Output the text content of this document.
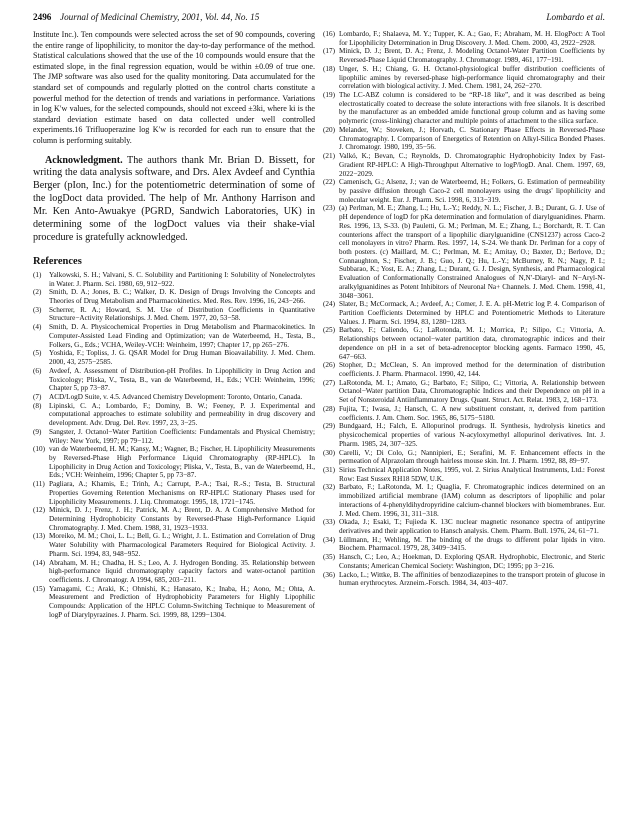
2496 Journal of Medicinal Chemistry, 2001, Vol. 44, No. 15	Lombardo et al.

Institute Inc.). Ten compounds were selected across the set of 90 compounds, covering the entire range of lipophilicity, to monitor the day-to-day performance of the method. Statistical calculations showed that the use of the 10 compounds would ensure that the estimated slope, in the final regression equation, would be within ±0.09 of true one. The JMP software was also used for the quality monitoring. Data accumulated for the standard set of compounds and regularly plotted on the control charts constitute a powerful method for the detection of trends and variations in performance. Variations in log K′w values, for the selected compounds, should not exceed ±3ki, where ki is the standard deviation estimate based on data collected under well controlled experiments.16 Trifluoperazine log K′w is recorded for each run to ensure that the column is performing suitably.

Acknowledgment. The authors thank Mr. Brian D. Bissett, for writing the data analysis software, and Drs. Alex Avdeef and Cynthia Berger (pIon, Inc.) for the potentiometric determination of some of the logDoct data provided. The help of Mr. Anthony Harrison and Mr. Ken Anto-Awuakye (PGRD, Sandwich Laboratories, UK) in determining some of the logDoct values via their shake-vial procedure is gratefully acknowledged.

References
(1) Yalkowski, S. H.; Valvani, S. C. Solubility and Partitioning I: Solubility of Nonelectrolytes in Water. J. Pharm. Sci. 1980, 69, 912−922.
(2) Smith, D. A.; Jones, B. C.; Walker, D. K. Design of Drugs Involving the Concepts and Theories of Drug Metabolism and Pharmacokinetics. Med. Res. Rev. 1996, 16, 243−266.
(3) Scherrer, R. A.; Howard, S. M. Use of Distribution Coefficients in Quantitative Structure−Activity Relationships. J. Med. Chem. 1977, 20, 53−58.
(4) Smith, D. A. Physicochemical Properties in Drug Metabolism and Pharmacokinetics. In Computer-Assisted Lead Finding and Optimization; van de Waterbeemd, H., Testa, B., Folkers, G., Eds.; VCHA, Weiley-VCH: Weinheim, 1997; Chapter 17, pp 265−276.
(5) Yoshida, F.; Topliss, J. G. QSAR Model for Drug Human Bioavailability. J. Med. Chem. 2000, 43, 2575−2585.
(6) Avdeef, A. Assessment of Distribution-pH Profiles. In Lipophilicity in Drug Action and Toxicology; Pliska, V., Testa, B., van de Waterbeemd, H., Eds.; VCH: Weinheim, 1996; Chapter 5, pp 73−87.
(7) ACD/LogD Suite, v. 4.5. Advanced Chemistry Development: Toronto, Ontario, Canada.
(8) Lipinski, C. A.; Lombardo, F.; Dominy, B. W.; Feeney, P. J. Experimental and computational approaches to estimate solubility and permeability in drug discovery and development. Adv. Drug. Del. Rev. 1997, 23, 3−25.
(9) Sangster, J. Octanol−Water Partition Coefficients: Fundamentals and Physical Chemistry; Wiley: New York, 1997; pp 79−112.
(10) van de Waterbeemd, H. M.; Kansy, M.; Wagner, B.; Fischer, H. Lipophilicity Measurements by Reversed-Phase High Performance Liquid Chromatography (RP-HPLC). In Lipophilicity in Drug Action and Toxicology; Pliska, V., Testa, B., van de Waterbeemd, H., Eds.; VCH: Weinheim, 1996; Chapter 5, pp 73−87.
(11) Pagliara, A.; Khamis, E.; Trinh, A.; Carrupt, P.-A.; Tsai, R.-S.; Testa, B. Structural Properties Governing Retention Mechanisms on RP-HPLC Stationary Phases used for Lipophilicity Measurements. J. Liq. Chromatogr. 1995, 18, 1721−1745.
(12) Minick, D. J.; Frenz, J. H.; Patrick, M. A.; Brent, D. A. A Comprehensive Method for Determining Hydrophobicity Constants by Reversed-Phase High-Performance Liquid Chromatography. J. Med. Chem. 1988, 31, 1923−1933.
(13) Moreiko, M. M.; Choi, L. L.; Bell, G. L.; Wright, J. L. Estimation and Correlation of Drug Water Solubility with Pharmacological Parameters Required for Biological Activity. J. Pharm. Sci. 1994, 83, 948−952.
(14) Abraham, M. H.; Chadha, H. S.; Leo, A. J. Hydrogen Bonding. 35. Relationship between high-performance liquid chromatography capacity factors and water-octanol partition coefficients. J. Chromatogr. A 1994, 685, 203−211.
(15) Yamagami, C.; Araki, K.; Ohnishi, K.; Hanasato, K.; Inaba, H.; Aono, M.; Ohta, A. Measurement and Prediction of Hydrophobicity Parameters for Highly Lipophilic Compounds: Application of the HPLC Column-Switching Technique to Measurement of logP of Diarylpyrazines. J. Pharm. Sci. 1999, 88, 1299−1304.
(16) Lombardo, F.; Shalaeva, M. Y.; Tupper, K. A.; Gao, F.; Abraham, M. H. ElogPoct: A Tool for Lipophilicity Determination in Drug Discovery. J. Med. Chem. 2000, 43, 2922−2928.
(17) Minick, D. J.; Brent, D. A.; Frenz, J. Modeling Octanol-Water Partition Coefficients by Reversed-Phase Liquid Chromatography. J. Chromatogr. 1989, 461, 177−191.
(18) Unger, S. H.; Chiang, G. H. Octanol-physiological buffer distribution coefficients of lipophilic amines by reversed-phase high-performance liquid chromatography and their correlation with biological activity. J. Med. Chem. 1981, 24, 262−270.
(19) The LC-ABZ column is considered to be “RP-18 like”, and it was described as being electrostatically coated to decrease the solute interactions with free silanols. It is described by the manufacturer as an embedded amide functional group column and as having some polymeric (cross-linking) character and multiple points of attachment to the silica surface.
(20) Melander, W.; Stoveken, J.; Horvath, C. Stationary Phase Effects in Reversed-Phase Chromatography. I. Comparison of Energetics of Retention on Alkyl-Silica Bonded Phases. J. Chromatogr. 1980, 199, 35−56.
(21) Valkó, K.; Bevan, C.; Reynolds, D. Chromatographic Hydrophobicity Index by Fast-Gradient RP-HPLC: A High-Throughput Alternative to logP/logD. Anal. Chem. 1997, 69, 2022−2029.
(22) Camenisch, G.; Alsenz, J.; van de Waterbeemd, H.; Folkers, G. Estimation of permeability by passive diffusion through Caco-2 cell monolayers using the drugs' lipophilicity and molecular weight. Eur. J. Pharm. Sci. 1998, 6, 313−319.
(23) (a) Perlman, M. E.; Zhang, L.; Hu, L.-Y.; Reddy, N. L.; Fischer, J. B.; Durant, G. J. Use of pH dependence of logD for pKa determination and formulation of diarylguanidines. Pharm. Res. 1996, 13, S-33. (b) Pauletti, G. M.; Perlman, M. E.; Zhang, L.; Borchardt, R. T. Can counterions affect the transport of a lipophilic diarylguanidine (CNS1237) across Caco-2 cell monolayers in vitro? Pharm. Res. 1997, 14, S-24. We thank Dr. Perlman for a copy of both posters. (c) Maillard, M. C.; Perlman, M. E.; Amitay, O.; Baxter, D.; Berlove, D.; Connaughton, S.; Fischer, J. B.; Guo, J. Q.; Hu, L.-Y.; McBurney, R. N.; Nagy, P. I.; Subbarao, K.; Yost, E. A.; Zhang, L.; Durant, G. J. Design, Synthesis, and Pharmacological Evaluation of Conformationally Constrained Analogues of N,N′-Diaryl- and N−Aryl-N-aralkylguanidines as Potent Inhibitors of Neuronal Na+ Channels. J. Med. Chem. 1998, 41, 3048−3061.
(24) Slater, B.; McCormack, A.; Avdeef, A.; Comer, J. E. A. pH-Metric log P. 4. Comparison of Partition Coefficients Determined by HPLC and Potentiometric Methods to Literature Values. J. Pharm. Sci. 1994, 83, 1280−1283.
(25) Barbato, F.; Caliendo, G.; LaRotonda, M. I.; Morrica, P.; Silipo, C.; Vittoria, A. Relationships between octanol−water partition data, chromatographic indices and their dependence on pH in a set of beta-adrenoceptor blocking agents. Farmaco 1990, 45, 647−663.
(26) Stopher, D.; McClean, S. An improved method for the determination of distribution coefficients. J. Pharm. Pharmacol. 1990, 42, 144.
(27) LaRotonda, M. I.; Amato, G.; Barbato, F.; Silipo, C.; Vittoria, A. Relationship between Octanol−Water partition Data, Chromatographic Indices and their Dependence on pH in a Set of Nonsteroidal Antiinflammatory Drugs. Quant. Struct. Act. Relat. 1983, 2, 168−173.
(28) Fujita, T.; Iwasa, J.; Hansch, C. A new substituent constant, π, derived from partition coefficients. J. Am. Chem. Soc. 1965, 86, 5175−5180.
(29) Bundgaard, H.; Falch, E. Allopurinol prodrugs. II. Synthesis, hydrolysis kinetics and physicochemical properties of various N-acyloxymethyl allopurinol derivatives. Int. J. Pharm. 1985, 24, 307−325.
(30) Carelli, V.; Di Colo, G.; Nannipieri, E.; Serafini, M. F. Enhancement effects in the permeation of Alprazolam through hairless mouse skin. Int. J. Pharm. 1992, 88, 89−97.
(31) Sirius Technical Application Notes, 1995, vol. 2. Sirius Analytical Instruments, Ltd.: Forest Row: East Sussex RH18 5DW, U.K.
(32) Barbato, F.; LaRotonda, M. I.; Quaglia, F. Chromatographic indices determined on an immobilized artificial membrane (IAM) column as descriptors of lipophilic and polar interactions of 4-phenyldihydropyridine calcium-channel blockers with biomembranes. Eur. J. Med. Chem. 1996, 31, 311−318.
(33) Okada, J.; Esaki, T.; Fujieda K. 13C nuclear magnetic resonance spectra of antipyrine derivatives and their application to Hansch analysis. Chem. Pharm. Bull. 1976, 24, 61−71.
(34) Lüllmann, H.; Wehling, M. The binding of the drugs to different polar lipids in vitro. Biochem. Pharmacol. 1979, 28, 3409−3415.
(35) Hansch, C.; Leo, A.; Hoekman, D. Exploring QSAR. Hydrophobic, Electronic, and Steric Constants; American Chemical Society: Washington, DC; 1995; pp 3−216.
(36) Lacko, L.; Wittke, B. The affinities of benzodiazepines to the transport protein of glucose in human erythrocytes. Arzneim.-Forsch. 1984, 34, 403−407.
